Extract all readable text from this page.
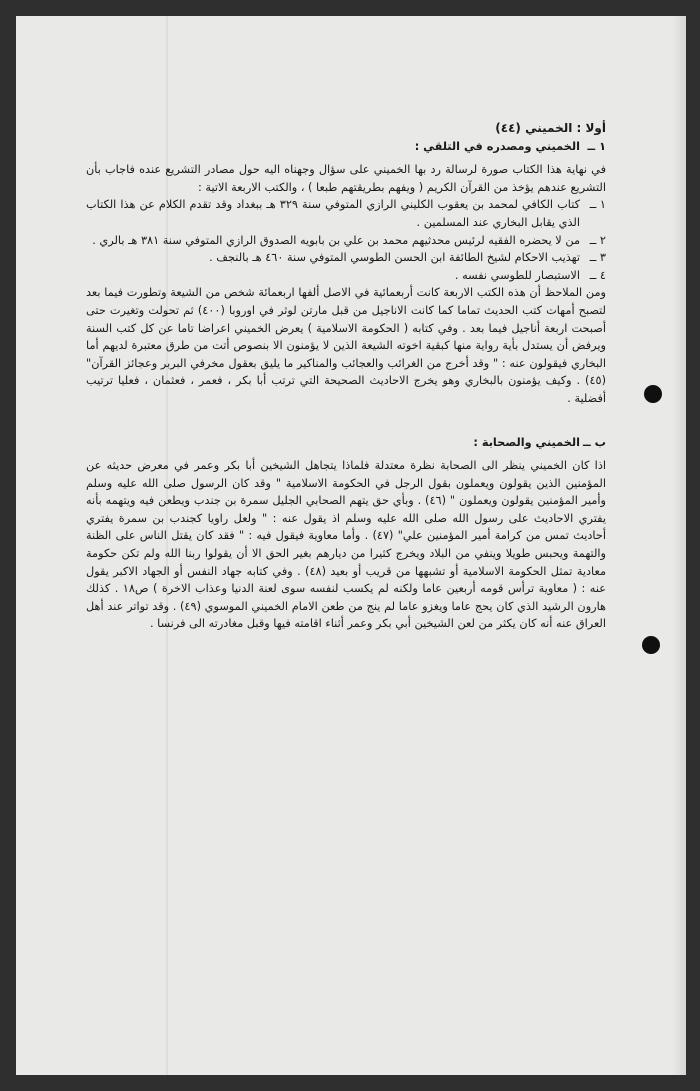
أولا : الخميني (٤٤)

١ ــ
الخميني ومصدره في التلقي :

في نهاية هذا الكتاب صورة لرسالة رد بها الخميني على سؤال وجهناه اليه حول مصادر التشريع عنده فاجاب بأن التشريع عندهم يؤخذ من القرآن الكريم ( ويفهم بطريقتهم طبعا ) ، والكتب الاربعة الاتية :

١ ــ
كتاب الكافي لمحمد بن يعقوب الكليني الرازي المتوفي سنة ٣٢٩ هـ ببغداد وقد تقدم الكلام عن هذا الكتاب الذي يقابل البخاري عند المسلمين .
٢ ــ
من لا يحضره الفقيه لرئيس محدثيهم محمد بن علي بن بابويه الصدوق الرازي المتوفي سنة ٣٨١ هـ بالري .
٣ ــ
تهذيب الاحكام لشيخ الطائفة ابن الحسن الطوسي المتوفي سنة ٤٦٠ هـ بالنجف .
٤ ــ
الاستبصار للطوسي نفسه .

ومن الملاحظ أن هذه الكتب الاربعة كانت أربعمائية في الاصل ألفها اربعمائة شخص من الشيعة وتطورت فيما بعد لتصبح أمهات كتب الحديث تماما كما كانت الاناجيل من قبل مارتن لوثر في اوروبا (٤٠٠) ثم تحولت وتغيرت حتى أصبحت اربعة أناجيل فيما بعد . وفي كتابه ( الحكومة الاسلامية ) يعرض الخميني اعراضا تاما عن كل كتب السنة ويرفض أن يستدل بأية رواية منها كبقية اخوته الشيعة الذين لا يؤمنون الا بنصوص أتت من طرق معتبرة لديهم أما البخاري فيقولون عنه : " وقد أخرج من الغرائب والعجائب والمناكير ما يليق بعقول مخرفي البربر وعجائز القرآن" (٤٥) . وكيف يؤمنون بالبخاري وهو يخرج الاحاديث الصحيحة التي ترتب أبا بكر ، فعمر ، فعثمان ، فعليا ترتيب أفضلية .

ب ــ
الخميني والصحابة :

اذا كان الخميني ينظر الى الصحابة نظرة معتدلة فلماذا يتجاهل الشيخين أبا بكر وعمر في معرض حديثه عن المؤمنين الذين يقولون ويعملون بقول الرجل في الحكومة الاسلامية " وقد كان الرسول صلى الله عليه وسلم وأمير المؤمنين يقولون ويعملون " (٤٦) . وبأي حق يتهم الصحابي الجليل سمرة بن جندب ويطعن فيه ويتهمه بأنه يفتري الاحاديث على رسول الله صلى الله عليه وسلم اذ يقول عنه : " ولعل راويا كجندب بن سمرة يفتري أحاديث تمس من كرامة أمير المؤمنين علي" (٤٧) . وأما معاوية فيقول فيه : " فقد كان يقتل الناس على الظنة والتهمة ويحبس طويلا وينفي من البلاد ويخرج كثيرا من ديارهم بغير الحق الا أن يقولوا ربنا الله ولم تكن حكومة معادية تمثل الحكومة الاسلامية أو تشبهها من قريب أو بعيد (٤٨) . وفي كتابه جهاد النفس أو الجهاد الاكبر يقول عنه : ( معاوية ترأس قومه أربعين عاما ولكنه لم يكسب لنفسه سوى لعنة الدنيا وعذاب الاخرة ) ص١٨ . كذلك هارون الرشيد الذي كان يحج عاما ويغزو عاما لم ينج من طعن الامام الخميني الموسوي (٤٩) . وقد تواتر عند أهل العراق عنه أنه كان يكثر من لعن الشيخين أبي بكر وعمر أثناء اقامته فيها وقبل مغادرته الى فرنسا .
